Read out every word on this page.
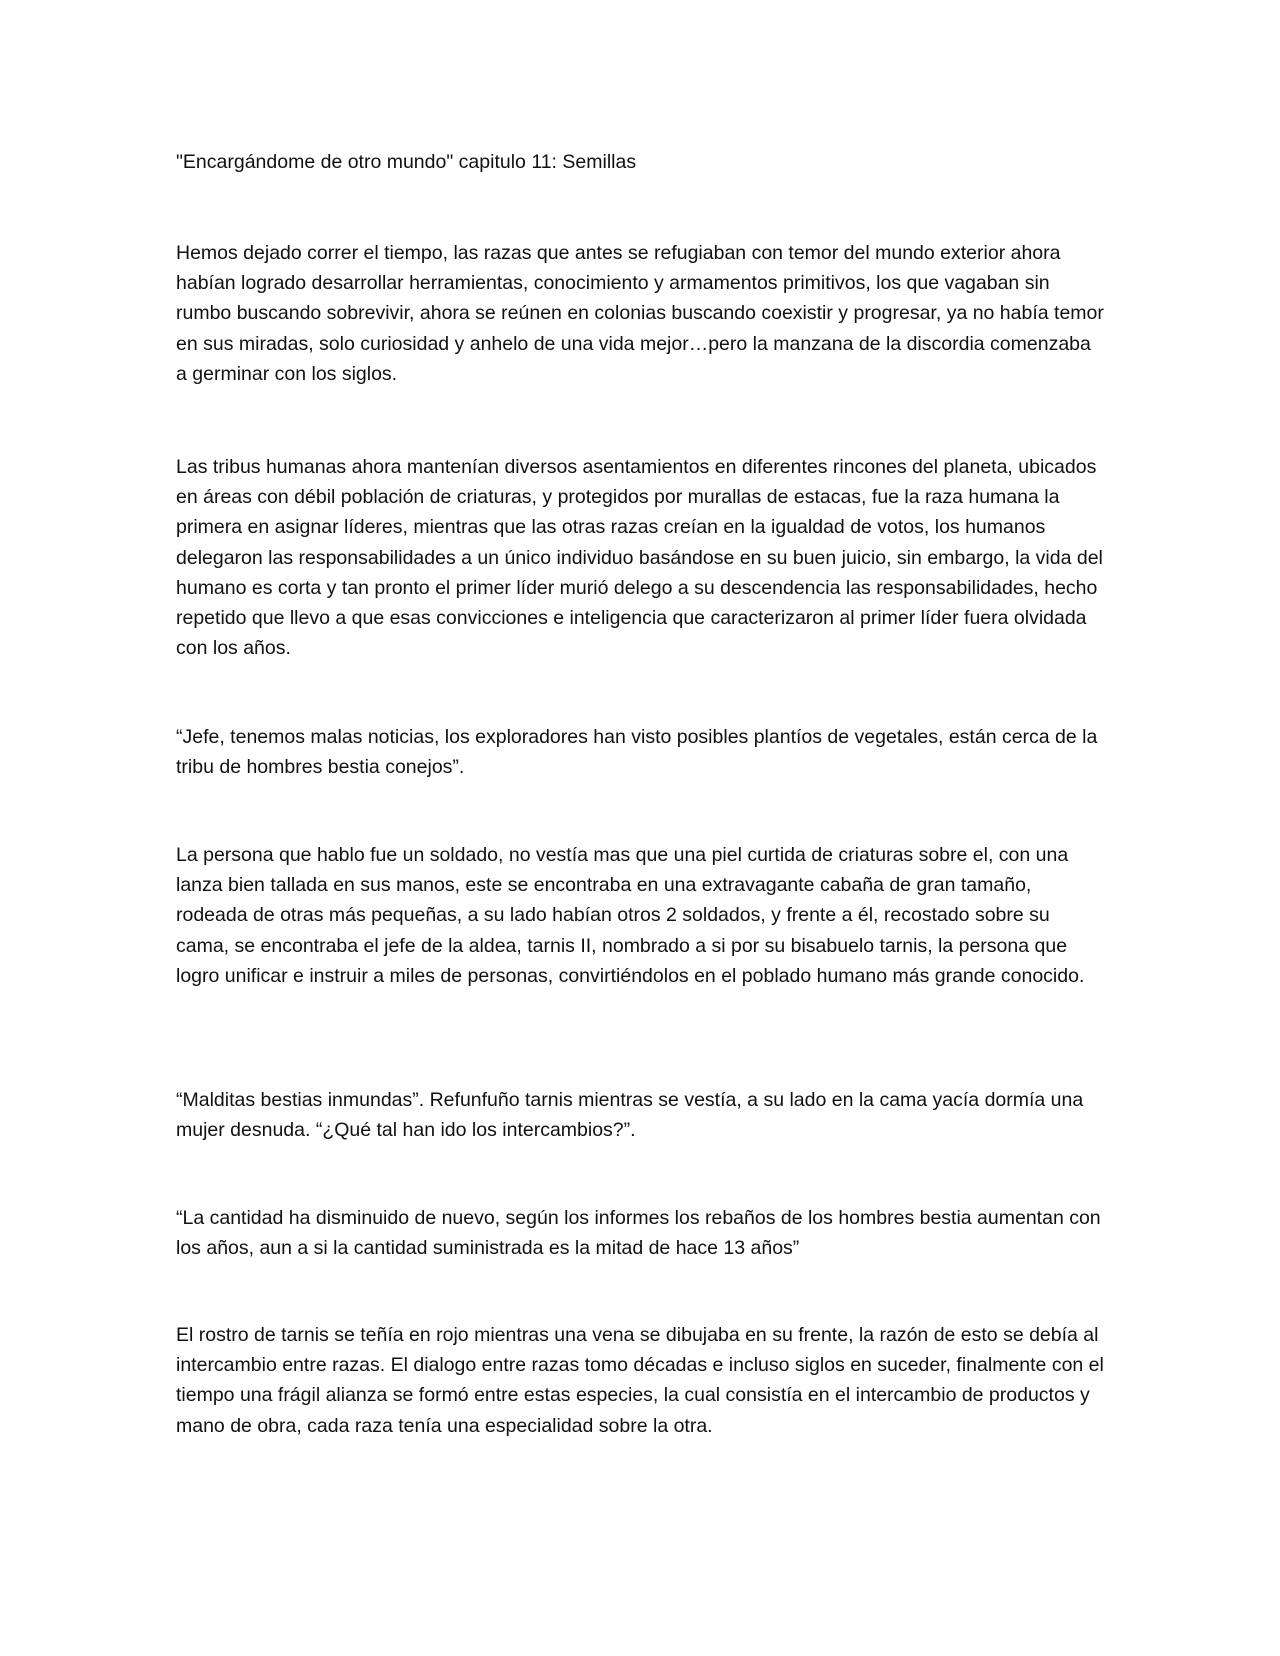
"Encargándome de otro mundo" capitulo 11: Semillas

Hemos dejado correr el tiempo, las razas que antes se refugiaban con temor del mundo exterior ahora habían logrado desarrollar herramientas, conocimiento y armamentos primitivos, los que vagaban sin rumbo buscando sobrevivir, ahora se reúnen en colonias buscando coexistir y progresar, ya no había temor en sus miradas, solo curiosidad y anhelo de una vida mejor…pero la manzana de la discordia comenzaba a germinar con los siglos.

Las tribus humanas ahora mantenían diversos asentamientos en diferentes rincones del planeta, ubicados en áreas con débil población de criaturas, y protegidos por murallas de estacas, fue la raza humana la primera en asignar líderes, mientras que las otras razas creían en la igualdad de votos, los humanos delegaron las responsabilidades a un único individuo basándose en su buen juicio, sin embargo, la vida del humano es corta y tan pronto el primer líder murió delego a su descendencia las responsabilidades, hecho repetido que llevo a que esas convicciones e inteligencia que caracterizaron al primer líder fuera olvidada con los años.

“Jefe, tenemos malas noticias, los exploradores han visto posibles plantíos de vegetales, están cerca de la tribu de hombres bestia conejos”.

La persona que hablo fue un soldado, no vestía mas que una piel curtida de criaturas sobre el, con una lanza bien tallada en sus manos, este se encontraba en una extravagante cabaña de gran tamaño, rodeada de otras más pequeñas, a su lado habían otros 2 soldados, y frente a él, recostado sobre su cama, se encontraba el jefe de la aldea, tarnis II, nombrado a si por su bisabuelo tarnis, la persona que logro unificar e instruir a miles de personas, convirtiéndolos en el poblado humano más grande conocido.

“Malditas bestias inmundas”. Refunfuño tarnis mientras se vestía, a su lado en la cama yacía dormía una mujer desnuda. “¿Qué tal han ido los intercambios?”.

“La cantidad ha disminuido de nuevo, según los informes los rebaños de los hombres bestia aumentan con los años, aun a si la cantidad suministrada es la mitad de hace 13 años”

El rostro de tarnis se teñía en rojo mientras una vena se dibujaba en su frente, la razón de esto se debía al intercambio entre razas. El dialogo entre razas tomo décadas e incluso siglos en suceder, finalmente con el tiempo una frágil alianza se formó entre estas especies, la cual consistía en el intercambio de productos y mano de obra, cada raza tenía una especialidad sobre la otra.
